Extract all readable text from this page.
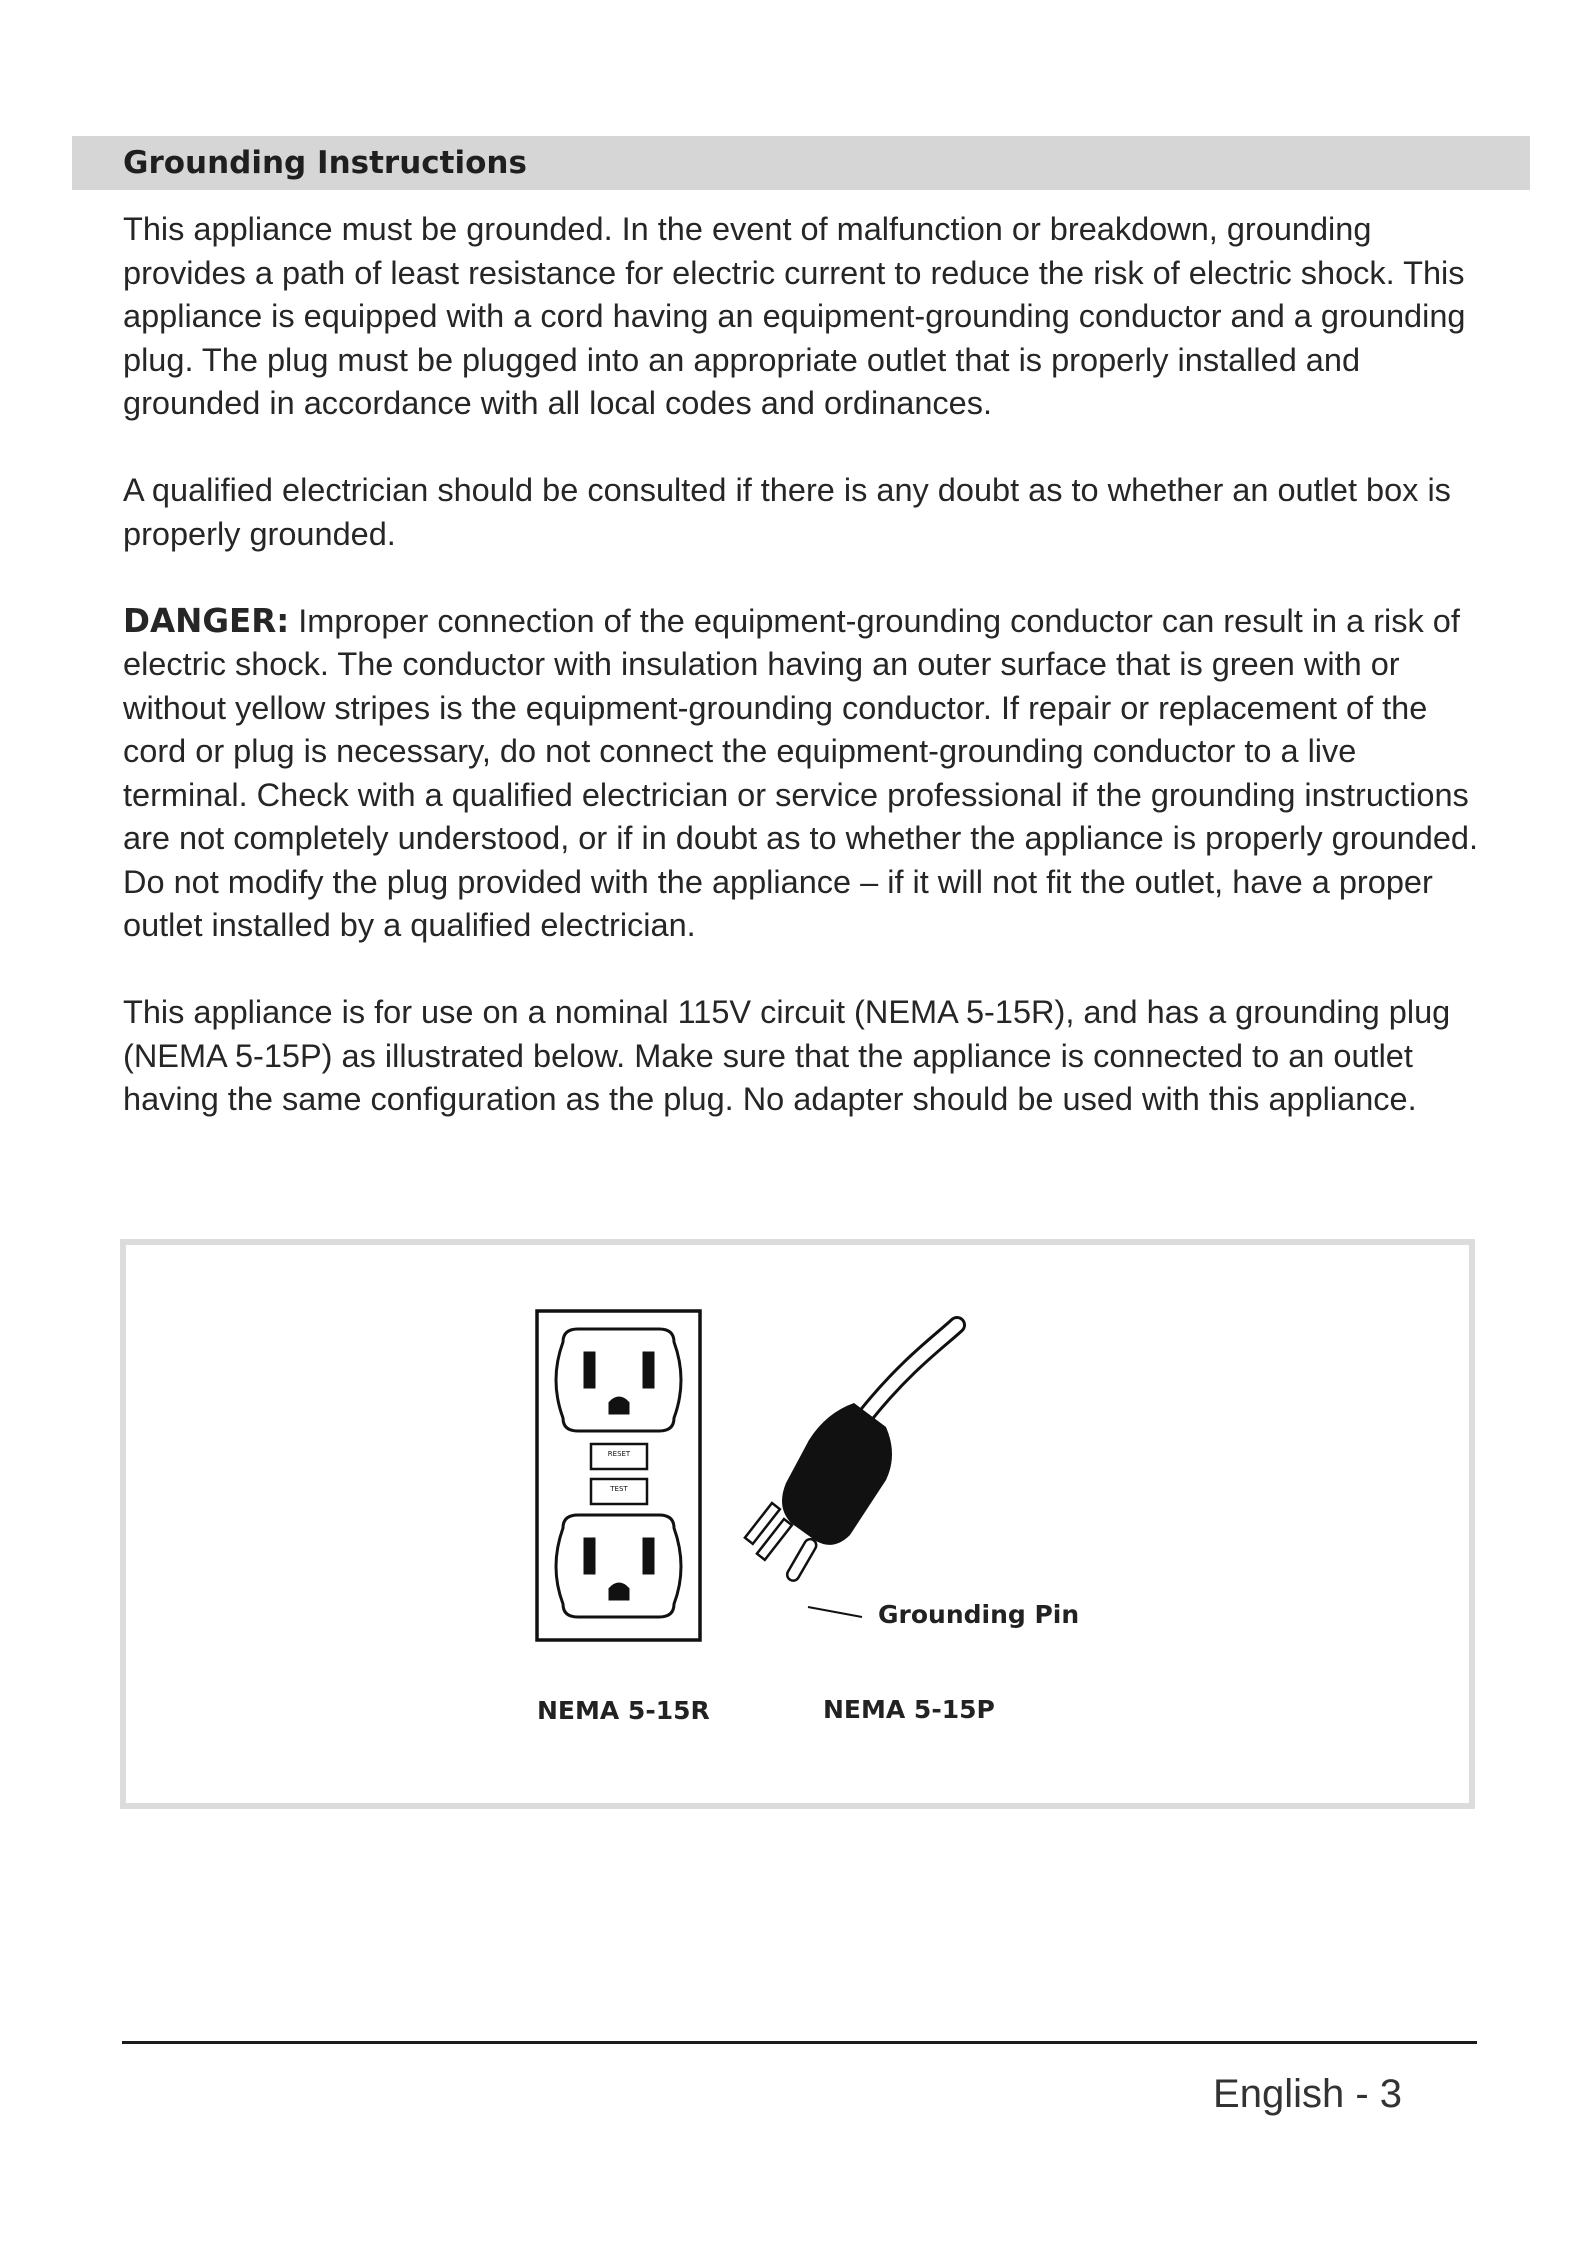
Grounding Instructions

This appliance must be grounded. In the event of malfunction or breakdown, grounding provides a path of least resistance for electric current to reduce the risk of electric shock. This appliance is equipped with a cord having an equipment-grounding conductor and a grounding plug. The plug must be plugged into an appropriate outlet that is properly installed and grounded in accordance with all local codes and ordinances.

A qualified electrician should be consulted if there is any doubt as to whether an outlet box is properly grounded.

DANGER: Improper connection of the equipment-grounding conductor can result in a risk of electric shock. The conductor with insulation having an outer surface that is green with or without yellow stripes is the equipment-grounding conductor. If repair or replacement of the cord or plug is necessary, do not connect the equipment-grounding conductor to a live terminal. Check with a qualified electrician or service professional if the grounding instructions are not completely understood, or if in doubt as to whether the appliance is properly grounded. Do not modify the plug provided with the appliance – if it will not fit the outlet, have a proper outlet installed by a qualified electrician.

This appliance is for use on a nominal 115V circuit (NEMA 5-15R), and has a grounding plug (NEMA 5-15P) as illustrated below. Make sure that the appliance is connected to an outlet having the same configuration as the plug. No adapter should be used with this appliance.

RESET
TEST
Grounding Pin
NEMA 5-15R	NEMA 5-15P
English - 3
